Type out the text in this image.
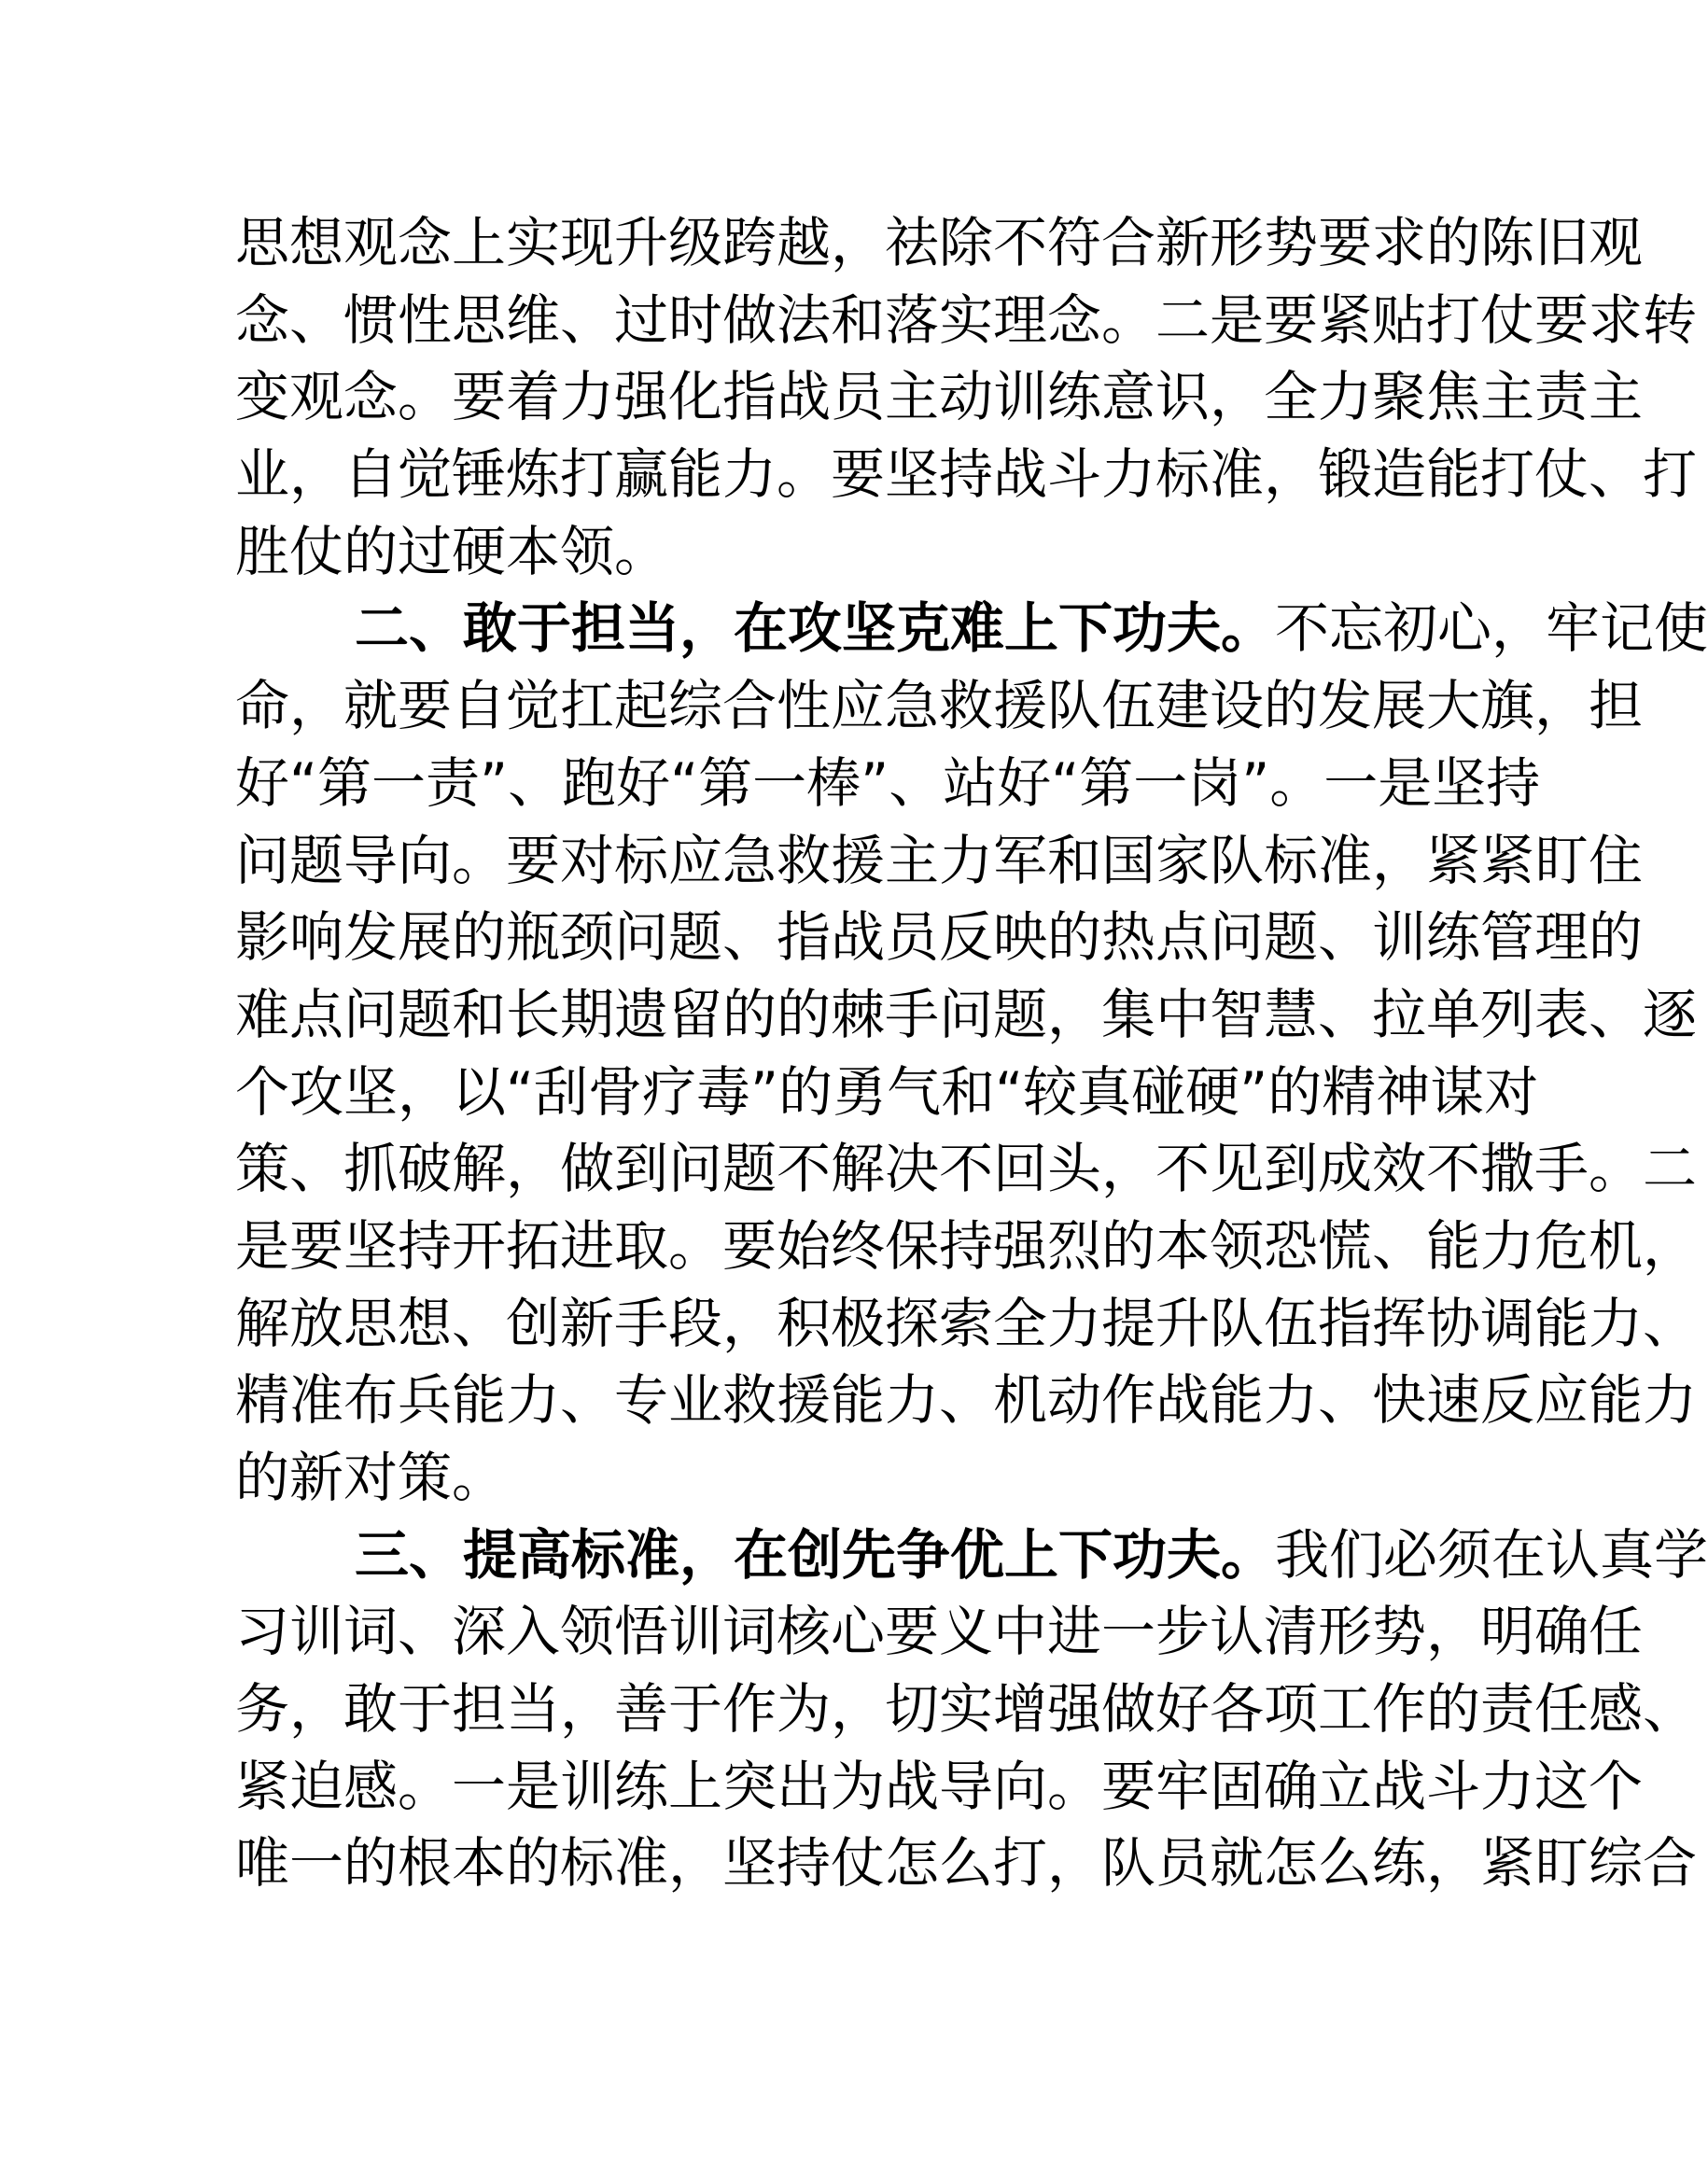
思想观念上实现升级跨越，祛除不符合新形势要求的陈旧观
念、惯性思维、过时做法和落实理念。二是要紧贴打仗要求转
变观念。要着力强化指战员主动训练意识，全力聚焦主责主
业，自觉锤炼打赢能力。要坚持战斗力标准，锻造能打仗、打
胜仗的过硬本领。
二、敢于担当，在攻坚克难上下功夫。不忘初心，牢记使
命，就要自觉扛起综合性应急救援队伍建设的发展大旗，担
好“第一责”、跑好“第一棒”、站好“第一岗”。一是坚持
问题导向。要对标应急救援主力军和国家队标准，紧紧盯住
影响发展的瓶颈问题、指战员反映的热点问题、训练管理的
难点问题和长期遗留的的棘手问题，集中智慧、拉单列表、逐
个攻坚，以“刮骨疗毒”的勇气和“较真碰硬”的精神谋对
策、抓破解，做到问题不解决不回头，不见到成效不撒手。二
是要坚持开拓进取。要始终保持强烈的本领恐慌、能力危机，
解放思想、创新手段，积极探索全力提升队伍指挥协调能力、
精准布兵能力、专业救援能力、机动作战能力、快速反应能力
的新对策。
三、提高标准，在创先争优上下功夫。我们必须在认真学
习训词、深入领悟训词核心要义中进一步认清形势，明确任
务，敢于担当，善于作为，切实增强做好各项工作的责任感、
紧迫感。一是训练上突出为战导向。要牢固确立战斗力这个
唯一的根本的标准，坚持仗怎么打，队员就怎么练，紧盯综合
